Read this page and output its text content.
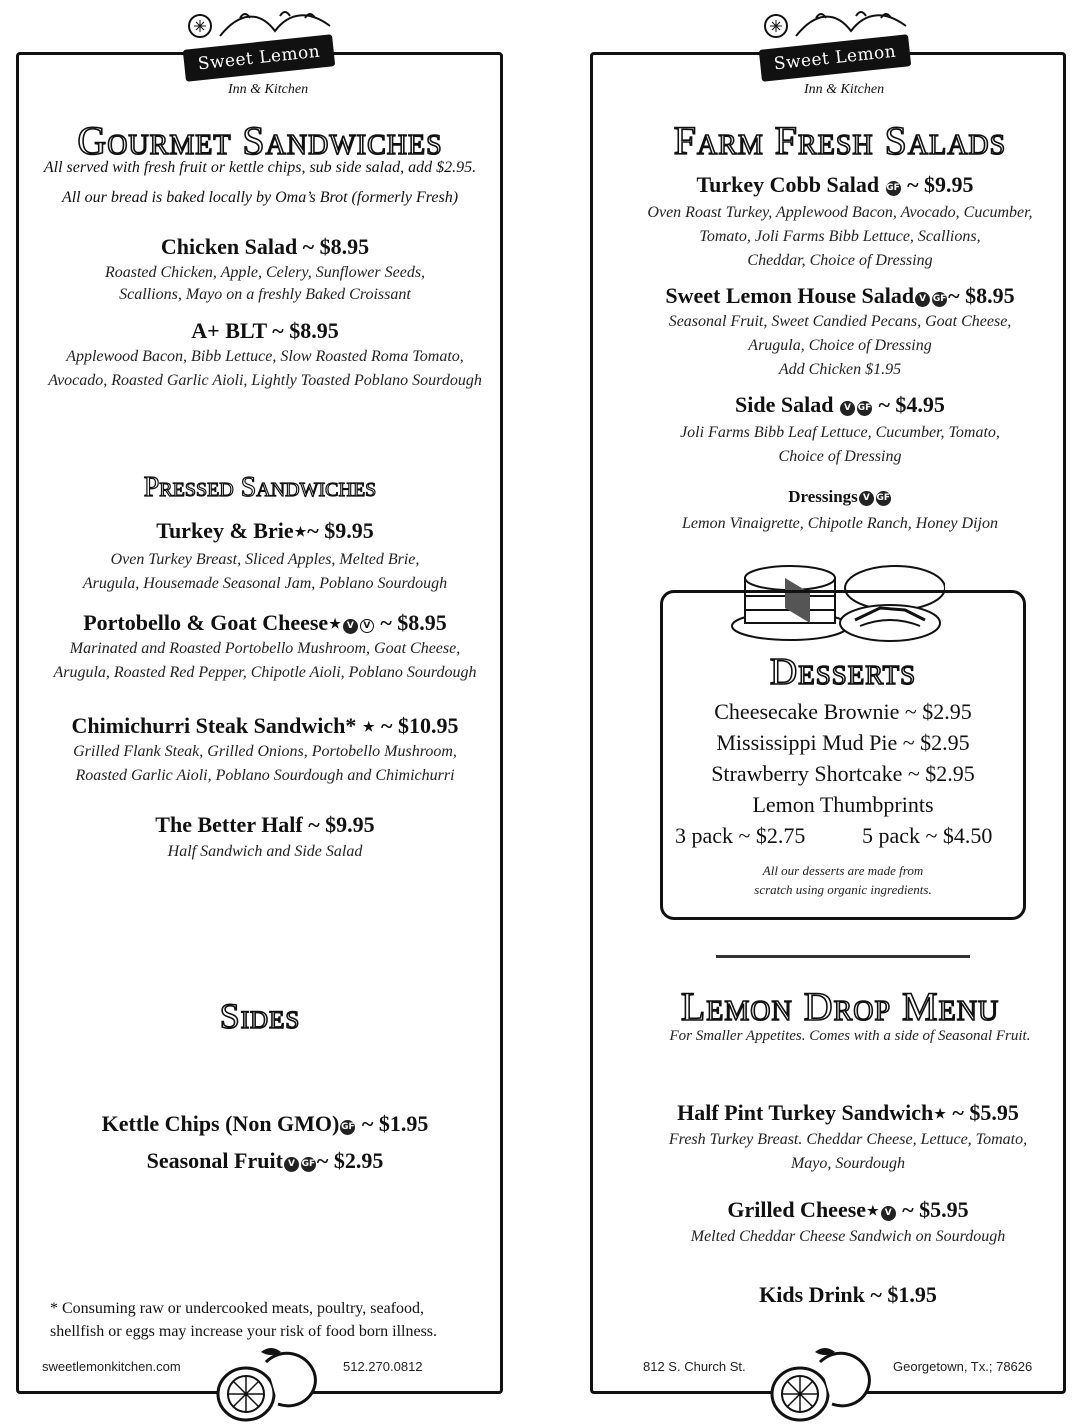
Sweet Lemon
Inn & Kitchen
Sweet Lemon
Inn & Kitchen
Gourmet Sandwiches
All served with fresh fruit or kettle chips, sub side salad, add $2.95.
All our bread is baked locally by Oma’s Brot (formerly Fresh)
Chicken Salad ~ $8.95
Roasted Chicken, Apple, Celery, Sunflower Seeds,
Scallions, Mayo on a freshly Baked Croissant
A+ BLT ~ $8.95
Applewood Bacon, Bibb Lettuce, Slow Roasted Roma Tomato,
Avocado, Roasted Garlic Aioli, Lightly Toasted Poblano Sourdough
Pressed Sandwiches
Turkey & Brie★~ $9.95
Oven Turkey Breast, Sliced Apples, Melted Brie,
Arugula, Housemade Seasonal Jam, Poblano Sourdough
Portobello & Goat Cheese★ V V ~ $8.95
Marinated and Roasted Portobello Mushroom, Goat Cheese,
Arugula, Roasted Red Pepper, Chipotle Aioli, Poblano Sourdough
Chimichurri Steak Sandwich* ★ ~ $10.95
Grilled Flank Steak, Grilled Onions, Portobello Mushroom,
Roasted Garlic Aioli, Poblano Sourdough and Chimichurri
The Better Half ~ $9.95
Half Sandwich and Side Salad
Sides
Kettle Chips (Non GMO) GF ~ $1.95
Seasonal Fruit V GF~ $2.95
* Consuming raw or undercooked meats, poultry, seafood,
shellfish or eggs may increase your risk of food born illness.
sweetlemonkitchen.com	512.270.0812
Farm Fresh Salads
Turkey Cobb Salad GF ~ $9.95
Oven Roast Turkey, Applewood Bacon, Avocado, Cucumber,
Tomato, Joli Farms Bibb Lettuce, Scallions,
Cheddar, Choice of Dressing
Sweet Lemon House Salad V GF~ $8.95
Seasonal Fruit, Sweet Candied Pecans, Goat Cheese,
Arugula, Choice of Dressing
Add Chicken $1.95
Side Salad V GF ~ $4.95
Joli Farms Bibb Leaf Lettuce, Cucumber, Tomato,
Choice of Dressing
Dressings V GF
Lemon Vinaigrette, Chipotle Ranch, Honey Dijon
Desserts
Cheesecake Brownie ~ $2.95
Mississippi Mud Pie ~ $2.95
Strawberry Shortcake ~ $2.95
Lemon Thumbprints
3 pack ~ $2.75	5 pack ~ $4.50
All our desserts are made from
scratch using organic ingredients.
Lemon Drop Menu
For Smaller Appetites. Comes with a side of Seasonal Fruit.
Half Pint Turkey Sandwich★ ~ $5.95
Fresh Turkey Breast. Cheddar Cheese, Lettuce, Tomato,
Mayo, Sourdough
Grilled Cheese★ V ~ $5.95
Melted Cheddar Cheese Sandwich on Sourdough
Kids Drink ~ $1.95
812 S. Church St.	Georgetown, Tx.; 78626
